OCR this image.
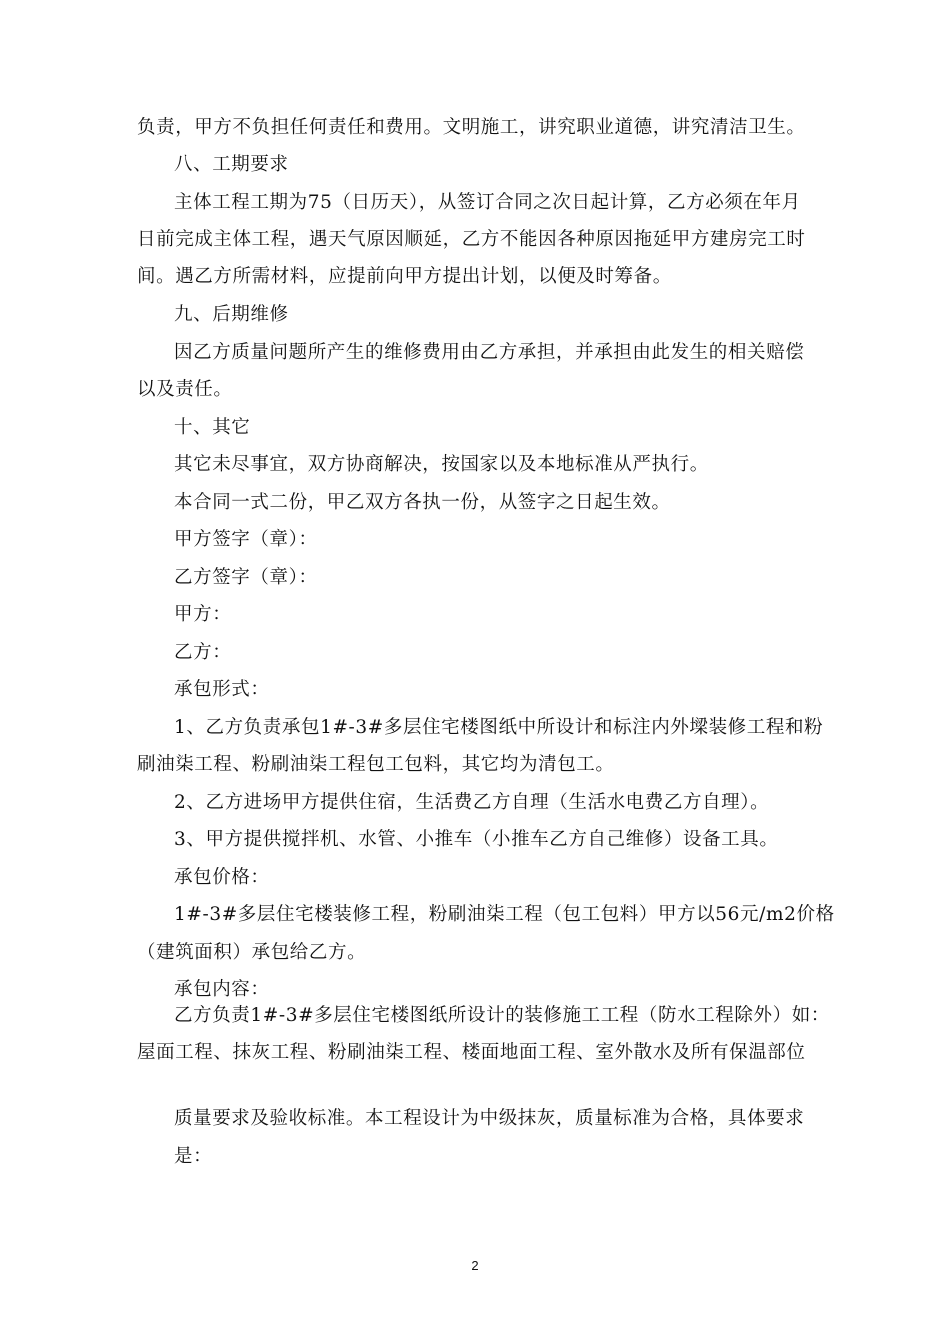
负责，甲方不负担任何责任和费用。文明施工，讲究职业道德，讲究清洁卫生。
八、工期要求
主体工程工期为75（日历天），从签订合同之次日起计算，乙方必须在年月
日前完成主体工程，遇天气原因顺延，乙方不能因各种原因拖延甲方建房完工时
间。遇乙方所需材料，应提前向甲方提出计划，以便及时筹备。
九、后期维修
因乙方质量问题所产生的维修费用由乙方承担，并承担由此发生的相关赔偿
以及责任。
十、其它
其它未尽事宜，双方协商解决，按国家以及本地标准从严执行。
本合同一式二份，甲乙双方各执一份，从签字之日起生效。
甲方签字（章）：
乙方签字（章）：
甲方：
乙方：
承包形式：
1、乙方负责承包1#-3#多层住宅楼图纸中所设计和标注内外墚装修工程和粉
刷油柒工程、粉刷油柒工程包工包料，其它均为清包工。
2、乙方进场甲方提供住宿，生活费乙方自理（生活水电费乙方自理）。
3、甲方提供搅拌机、水管、小推车（小推车乙方自己维修）设备工具。
承包价格：
1#-3#多层住宅楼装修工程，粉刷油柒工程（包工包料）甲方以56元/m2价格
（建筑面积）承包给乙方。
承包内容：
乙方负责1#-3#多层住宅楼图纸所设计的装修施工工程（防水工程除外）如：
屋面工程、抹灰工程、粉刷油柒工程、楼面地面工程、室外散水及所有保温部位
质量要求及验收标准。本工程设计为中级抹灰，质量标准为合格，具体要求
是：
2
